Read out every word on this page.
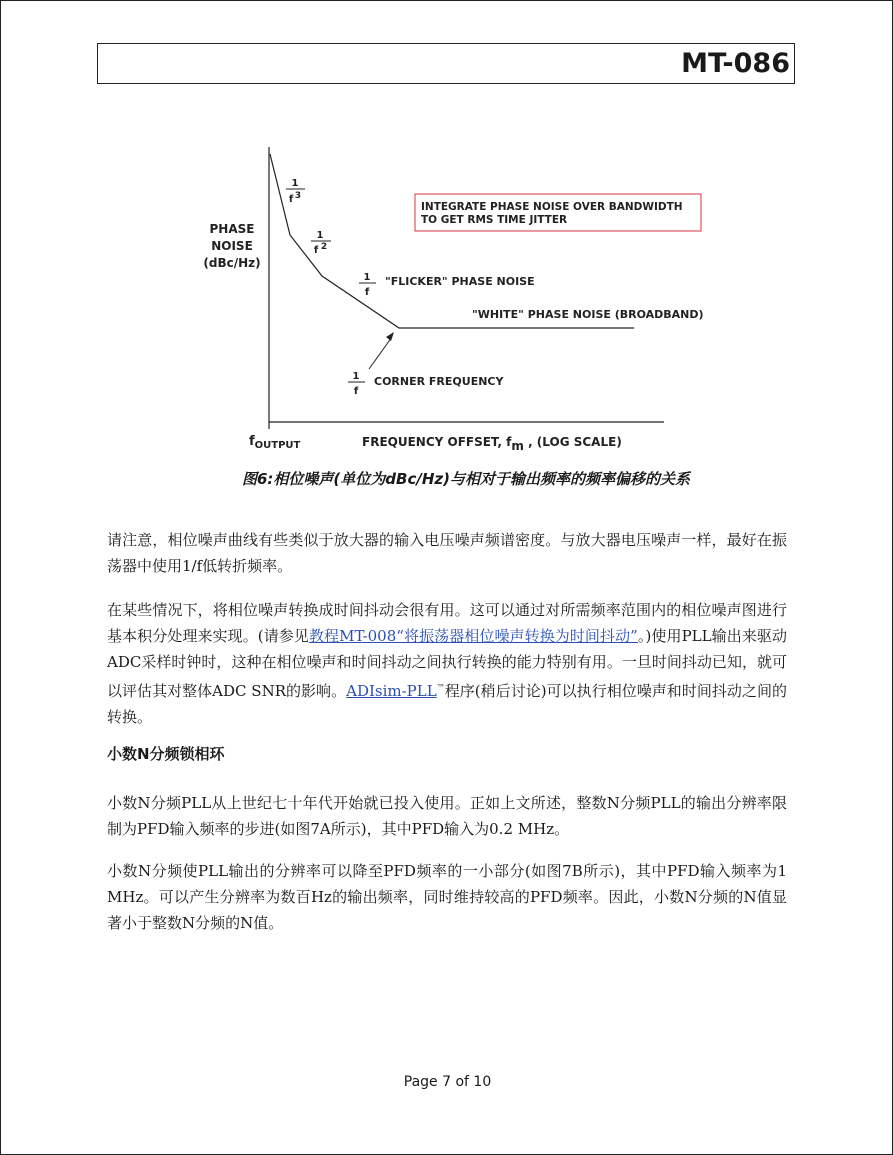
MT-086
PHASE
NOISE
(dBc/Hz)
1
f 3
1
f 2
1
f
"FLICKER" PHASE NOISE
"WHITE" PHASE NOISE (BROADBAND)
1
f
CORNER FREQUENCY
INTEGRATE PHASE NOISE OVER BANDWIDTH
TO GET RMS TIME JITTER
fOUTPUT	FREQUENCY OFFSET, fm , (LOG SCALE)
图6:相位噪声(单位为dBc/Hz)与相对于输出频率的频率偏移的关系

请注意，相位噪声曲线有些类似于放大器的输入电压噪声频谱密度。与放大器电压噪声一样，最好在振荡器中使用1/f低转折频率。

在某些情况下，将相位噪声转换成时间抖动会很有用。这可以通过对所需频率范围内的相位噪声图进行基本积分处理来实现。(请参见教程MT-008“将振荡器相位噪声转换为时间抖动”。)使用PLL输出来驱动ADC采样时钟时，这种在相位噪声和时间抖动之间执行转换的能力特别有用。一旦时间抖动已知，就可以评估其对整体ADC SNR的影响。ADIsim-PLL™程序(稍后讨论)可以执行相位噪声和时间抖动之间的转换。

小数N分频锁相环

小数N分频PLL从上世纪七十年代开始就已投入使用。正如上文所述，整数N分频PLL的输出分辨率限制为PFD输入频率的步进(如图7A所示)，其中PFD输入为0.2 MHz。

小数N分频使PLL输出的分辨率可以降至PFD频率的一小部分(如图7B所示)，其中PFD输入频率为1 MHz。可以产生分辨率为数百Hz的输出频率，同时维持较高的PFD频率。因此，小数N分频的N值显著小于整数N分频的N值。

Page 7 of 10
